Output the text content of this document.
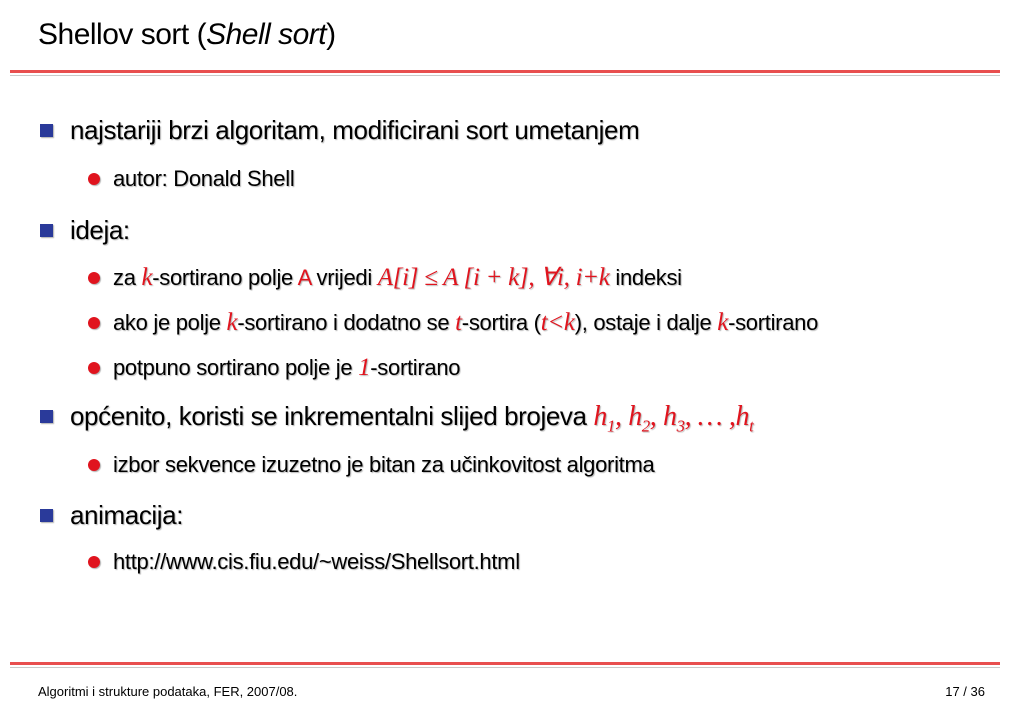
Shellov sort (Shell sort)
najstariji brzi algoritam, modificirani sort umetanjem
autor: Donald Shell
ideja:
za k-sortirano polje A vrijedi A[i] ≤ A [i + k], ∀i, i+k indeksi
ako je polje k-sortirano i dodatno se t-sortira (t<k), ostaje i dalje k-sortirano
potpuno sortirano polje je 1-sortirano
općenito, koristi se inkrementalni slijed brojeva $h_1$, $h_2$, $h_3$, … $,h_t$
izbor sekvence izuzetno je bitan za učinkovitost algoritma
animacija:
http://www.cis.fiu.edu/~weiss/Shellsort.html
Algoritmi i strukture podataka, FER, 2007/08.	17 / 36
